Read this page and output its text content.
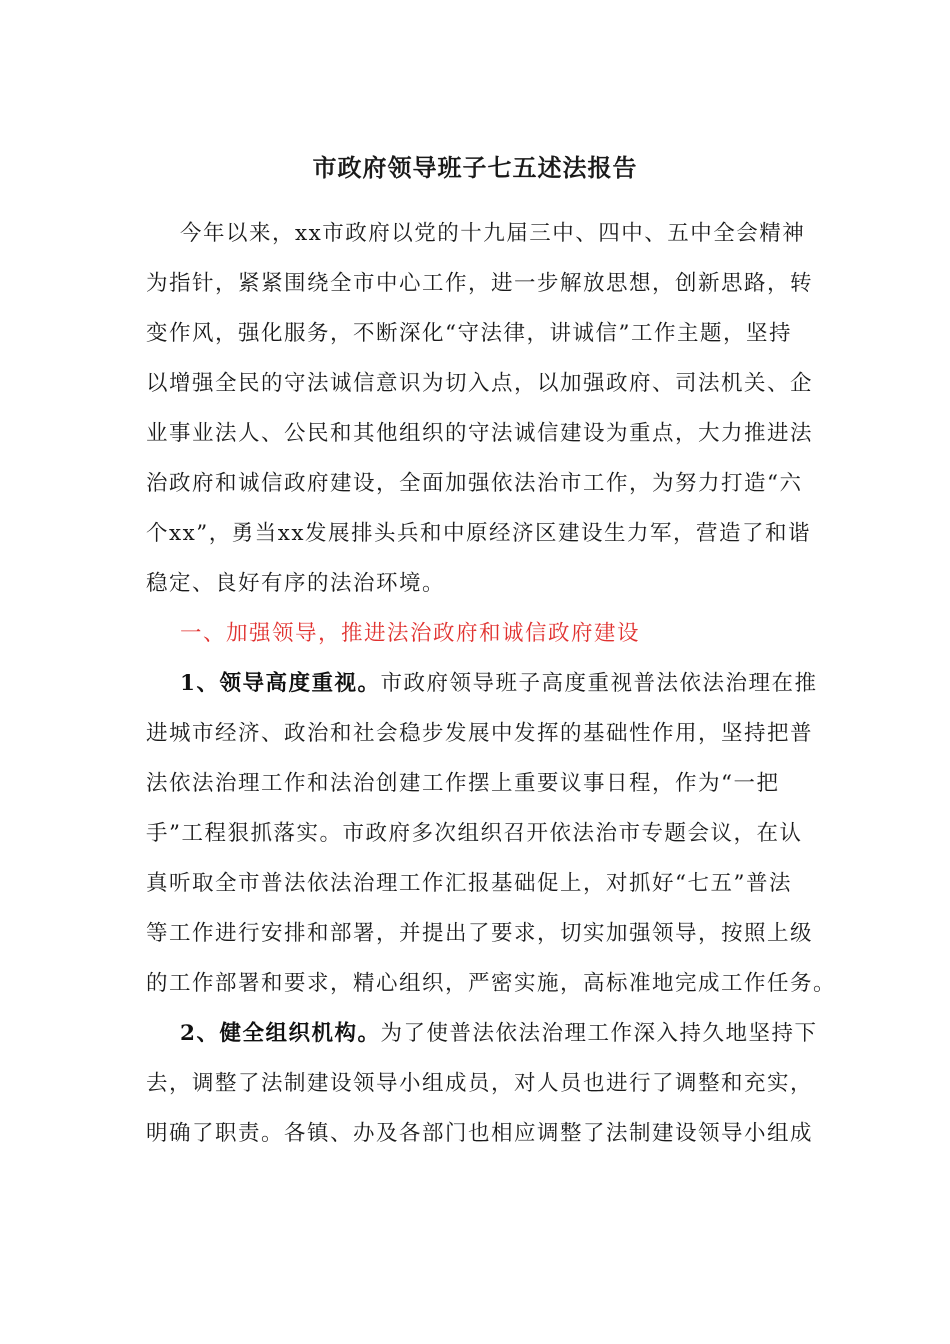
市政府领导班子七五述法报告
今年以来，xx市政府以党的十九届三中、四中、五中全会精神
为指针，紧紧围绕全市中心工作，进一步解放思想，创新思路，转
变作风，强化服务，不断深化“守法律，讲诚信”工作主题，坚持
以增强全民的守法诚信意识为切入点，以加强政府、司法机关、企
业事业法人、公民和其他组织的守法诚信建设为重点，大力推进法
治政府和诚信政府建设，全面加强依法治市工作，为努力打造“六
个xx”，勇当xx发展排头兵和中原经济区建设生力军，营造了和谐
稳定、良好有序的法治环境。
一、加强领导，推进法治政府和诚信政府建设
1、领导高度重视。市政府领导班子高度重视普法依法治理在推
进城市经济、政治和社会稳步发展中发挥的基础性作用，坚持把普
法依法治理工作和法治创建工作摆上重要议事日程，作为“一把
手”工程狠抓落实。市政府多次组织召开依法治市专题会议，在认
真听取全市普法依法治理工作汇报基础促上，对抓好“七五”普法
等工作进行安排和部署，并提出了要求，切实加强领导，按照上级
的工作部署和要求，精心组织，严密实施，高标准地完成工作任务。
2、健全组织机构。为了使普法依法治理工作深入持久地坚持下
去，调整了法制建设领导小组成员，对人员也进行了调整和充实，
明确了职责。各镇、办及各部门也相应调整了法制建设领导小组成
